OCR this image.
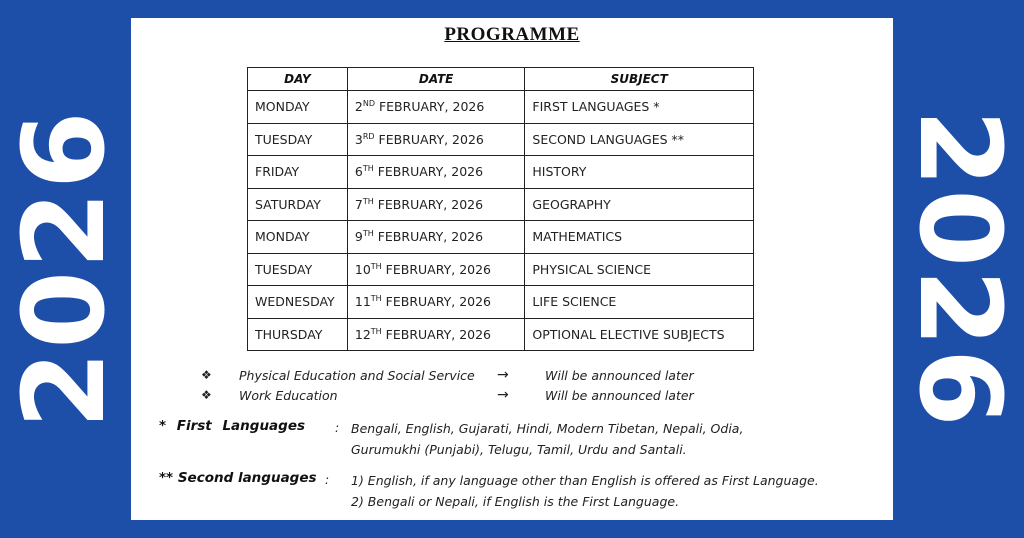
2026	2026
PROGRAMME
DAY	DATE	SUBJECT
MONDAY	2ND FEBRUARY, 2026	FIRST LANGUAGES *
TUESDAY	3RD FEBRUARY, 2026	SECOND LANGUAGES **
FRIDAY	6TH FEBRUARY, 2026	HISTORY
SATURDAY	7TH FEBRUARY, 2026	GEOGRAPHY
MONDAY	9TH FEBRUARY, 2026	MATHEMATICS
TUESDAY	10TH FEBRUARY, 2026	PHYSICAL SCIENCE
WEDNESDAY	11TH FEBRUARY, 2026	LIFE SCIENCE
THURSDAY	12TH FEBRUARY, 2026	OPTIONAL ELECTIVE SUBJECTS
❖ Physical Education and Social Service →	Will be announced later
❖ Work Education	→	Will be announced later
* First Languages : Bengali, English, Gujarati, Hindi, Modern Tibetan, Nepali, Odia,
Gurumukhi (Punjabi), Telugu, Tamil, Urdu and Santali.
** Second languages : 1) English, if any language other than English is offered as First Language.
2) Bengali or Nepali, if English is the First Language.
